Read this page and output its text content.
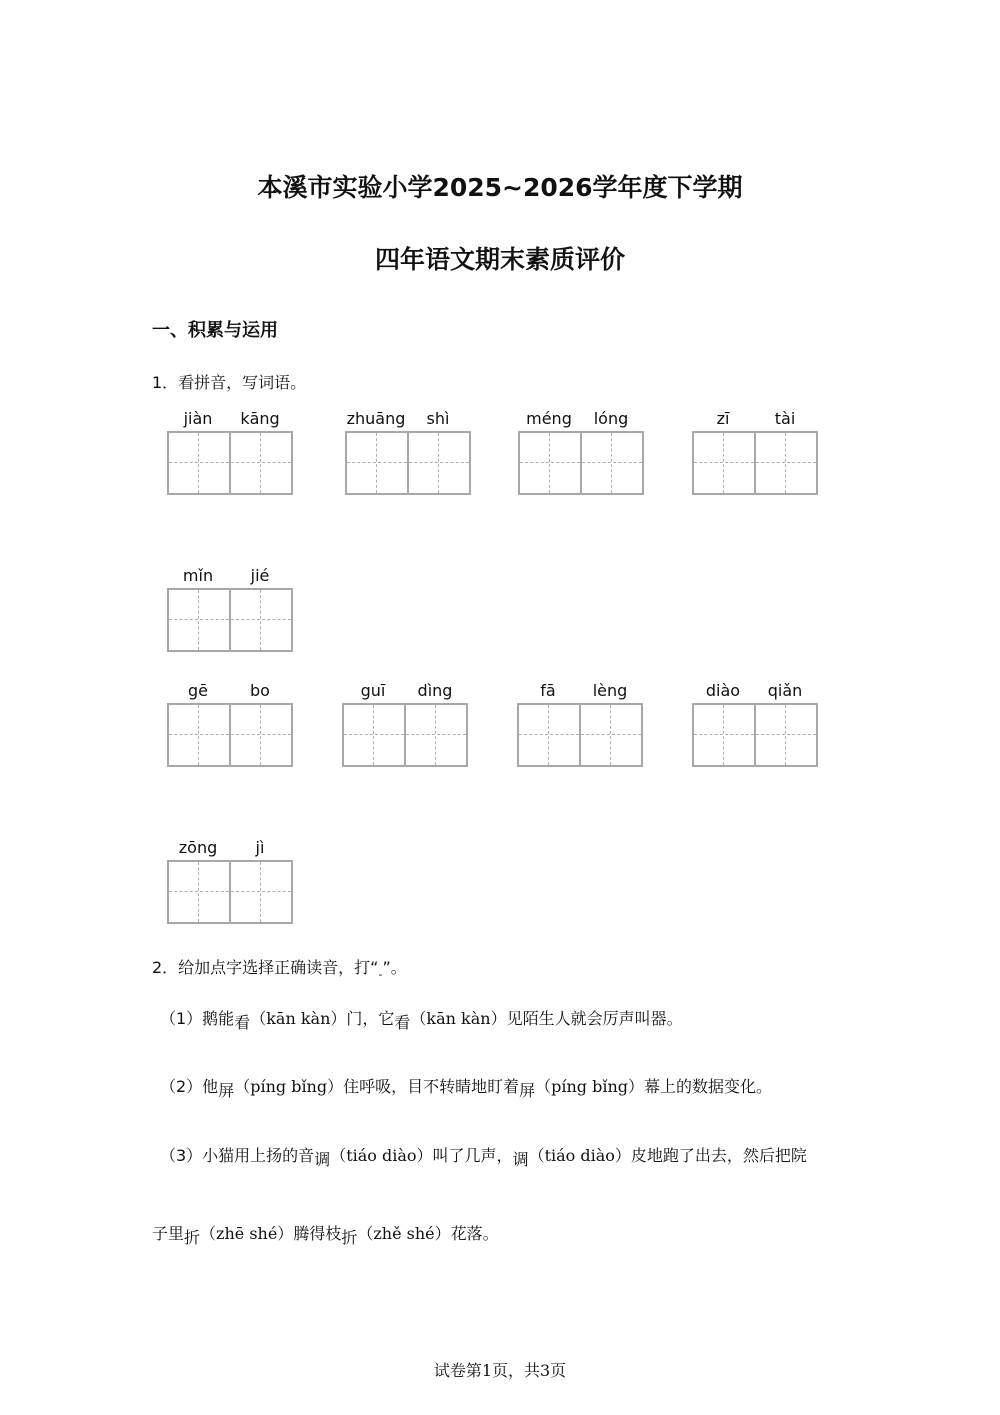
本溪市实验小学2025~2026学年度下学期
四年语文期末素质评价
一、积累与运用
1．看拼音，写词语。
jiàn	kāng	zhuāng	shì	méng	lóng	zī	tài
mǐn	jié
gē	bo	guī	dìng	fā	lèng	diào	qiǎn
zōng	jì
2．给加点字选择正确读音，打“$_-$”。
（1）鹅能看（kān kàn）门，它看（kān kàn）见陌生人就会厉声叫器。
（2）他屏（píng bǐng）住呼吸，目不转睛地盯着屏（píng bǐng）幕上的数据变化。
（3）小猫用上扬的音调（tiáo diào）叫了几声，调（tiáo diào）皮地跑了出去，然后把院
子里折（zhē shé）腾得枝折（zhě shé）花落。
试卷第1页，共3页
